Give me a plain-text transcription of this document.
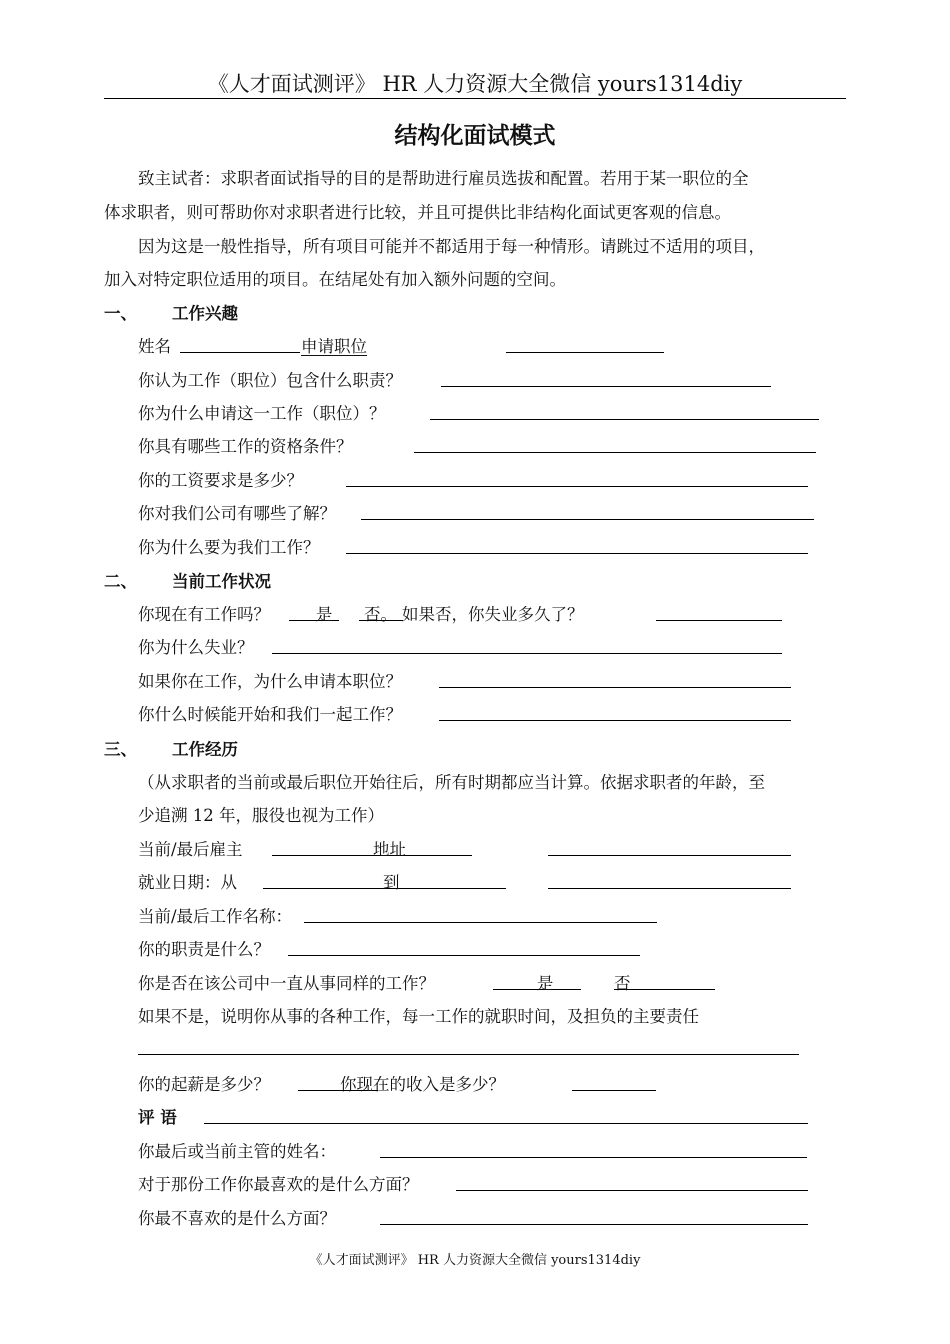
《人才面试测评》 HR 人力资源大全微信 yours1314diy
结构化面试模式
致主试者：求职者面试指导的目的是帮助进行雇员选拔和配置。若用于某一职位的全
体求职者，则可帮助你对求职者进行比较，并且可提供比非结构化面试更客观的信息。
因为这是一般性指导，所有项目可能并不都适用于每一种情形。请跳过不适用的项目，
加入对特定职位适用的项目。在结尾处有加入额外问题的空间。
一、 工作兴趣
姓名	申请职位
你认为工作（职位）包含什么职责？
你为什么申请这一工作（职位）？
你具有哪些工作的资格条件？
你的工资要求是多少？
你对我们公司有哪些了解？
你为什么要为我们工作？
二、 当前工作状况
你现在有工作吗？	是 否。 如果否，你失业多久了？
你为什么失业？
如果你在工作，为什么申请本职位？
你什么时候能开始和我们一起工作？
三、 工作经历
（从求职者的当前或最后职位开始往后，所有时期都应当计算。依据求职者的年龄，至
少追溯 12 年，服役也视为工作）
当前/最后雇主	地址
就业日期：从	到
当前/最后工作名称：
你的职责是什么？
你是否在该公司中一直从事同样的工作？	是	否
如果不是，说明你从事的各种工作，每一工作的就职时间，及担负的主要责任
你的起薪是多少？	你现在的收入是多少？
评 语
你最后或当前主管的姓名：
对于那份工作你最喜欢的是什么方面？
你最不喜欢的是什么方面？
《人才面试测评》 HR 人力资源大全微信 yours1314diy
